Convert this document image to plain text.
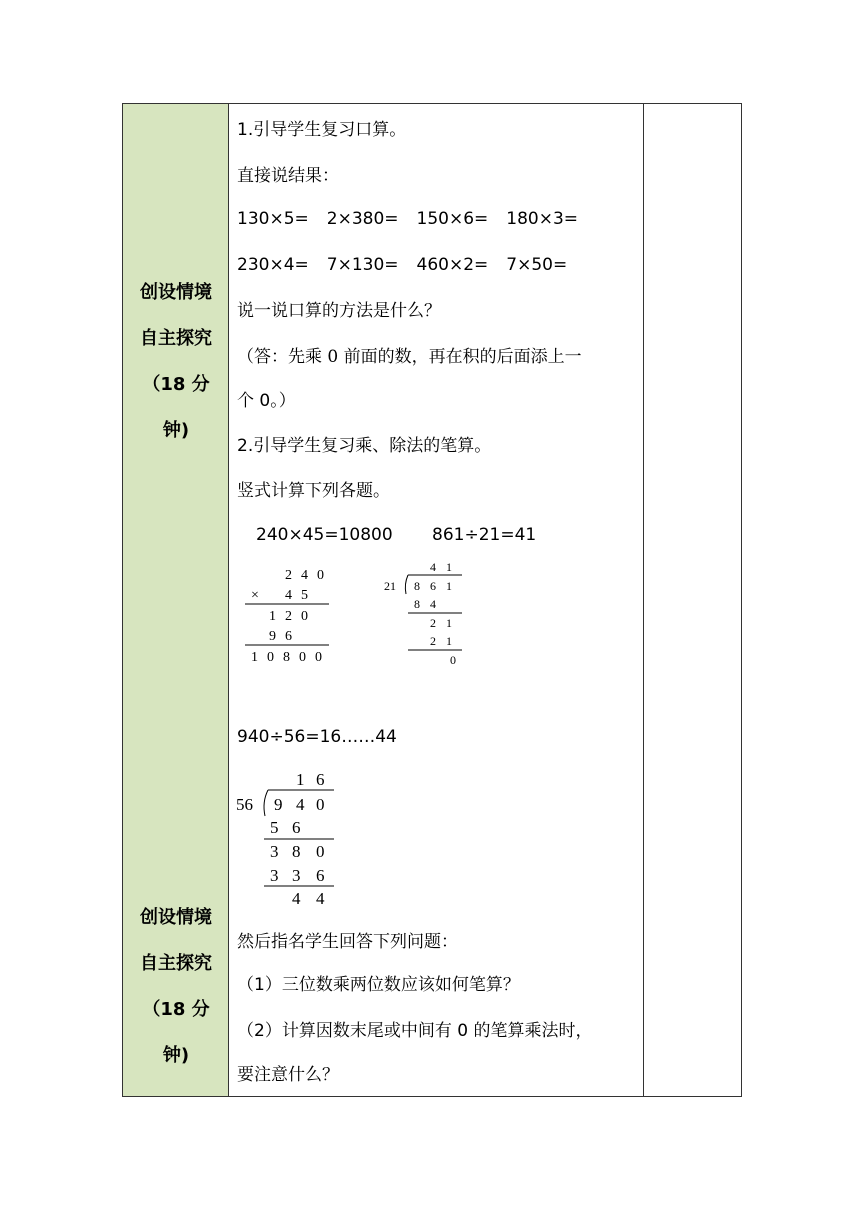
创设情境
自主探究
（18 分
钟)
创设情境
自主探究
（18 分
钟)
1.引导学生复习口算。
直接说结果：
130×5= 2×380= 150×6= 180×3=
230×4= 7×130= 460×2= 7×50=
说一说口算的方法是什么？
（答：先乘 0 前面的数，再在积的后面添上一
个 0。）
2.引导学生复习乘、除法的笔算。
竖式计算下列各题。
240×45=10800 861÷21=41
940÷56=16……44
然后指名学生回答下列问题：
（1）三位数乘两位数应该如何笔算？
（2）计算因数末尾或中间有 0 的笔算乘法时，
要注意什么？
2 4 0
× 4 5
1 2 0
9 6
1 0 8 0 0
4 1
21 8 6 1
8 4
2 1
2 1
0
1 6
56 9 4 0
5 6
3 8 0
3 3 6
4 4
